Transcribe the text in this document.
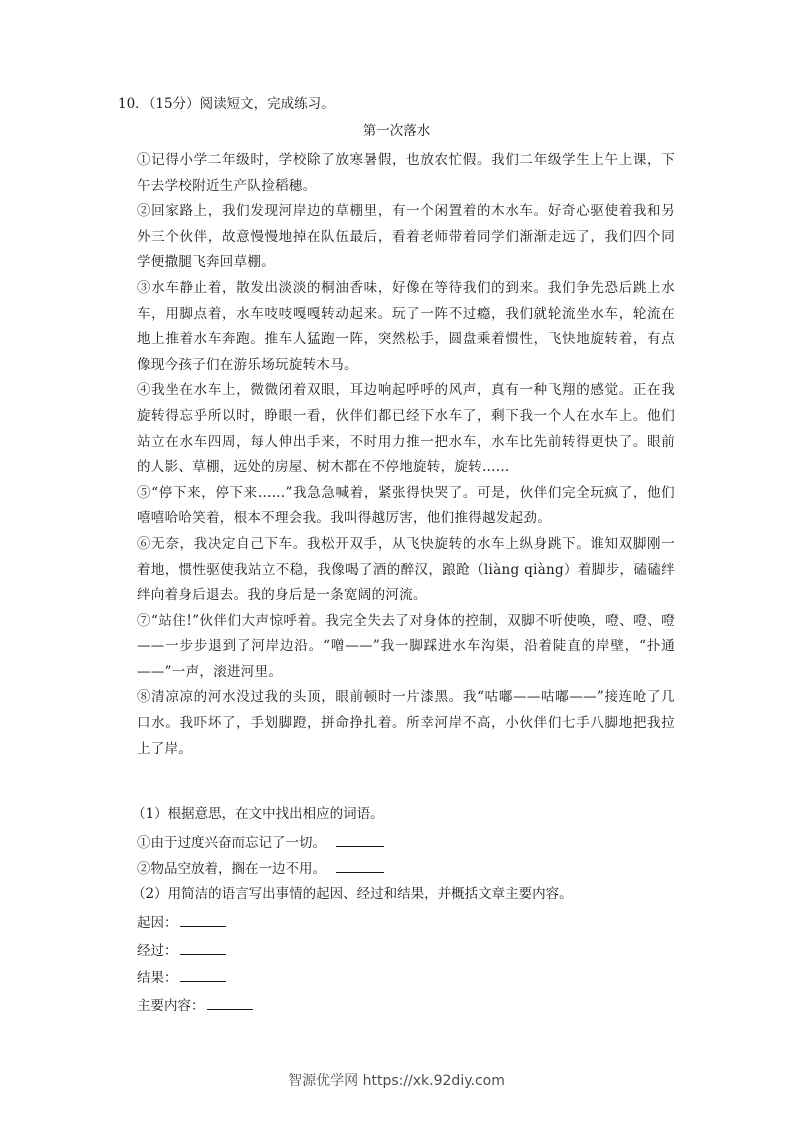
10．（15分）阅读短文，完成练习。
第一次落水

①记得小学二年级时，学校除了放寒暑假，也放农忙假。我们二年级学生上午上课，下午去学校附近生产队捡稻穗。

②回家路上，我们发现河岸边的草棚里，有一个闲置着的木水车。好奇心驱使着我和另外三个伙伴，故意慢慢地掉在队伍最后，看着老师带着同学们渐渐走远了，我们四个同学便撒腿飞奔回草棚。

③水车静止着，散发出淡淡的桐油香味，好像在等待我们的到来。我们争先恐后跳上水车，用脚点着，水车吱吱嘎嘎转动起来。玩了一阵不过瘾，我们就轮流坐水车，轮流在地上推着水车奔跑。推车人猛跑一阵，突然松手，圆盘乘着惯性，飞快地旋转着，有点像现今孩子们在游乐场玩旋转木马。

④我坐在水车上，微微闭着双眼，耳边响起呼呼的风声，真有一种飞翔的感觉。正在我旋转得忘乎所以时，睁眼一看，伙伴们都已经下水车了，剩下我一个人在水车上。他们站立在水车四周，每人伸出手来，不时用力推一把水车，水车比先前转得更快了。眼前的人影、草棚，远处的房屋、树木都在不停地旋转，旋转……

⑤“停下来，停下来……”我急急喊着，紧张得快哭了。可是，伙伴们完全玩疯了，他们嘻嘻哈哈笑着，根本不理会我。我叫得越厉害，他们推得越发起劲。

⑥无奈，我决定自己下车。我松开双手，从飞快旋转的水车上纵身跳下。谁知双脚刚一着地，惯性驱使我站立不稳，我像喝了酒的醉汉，踉跄（liàng qiàng）着脚步，磕磕绊绊向着身后退去。我的身后是一条宽阔的河流。

⑦“站住!”伙伴们大声惊呼着。我完全失去了对身体的控制，双脚不听使唤，噔、噔、噔——一步步退到了河岸边沿。“噌——”我一脚踩进水车沟渠，沿着陡直的岸壁，“扑通——”一声，滚进河里。

⑧清凉凉的河水没过我的头顶，眼前顿时一片漆黑。我“咕嘟——咕嘟——”接连呛了几口水。我吓坏了，手划脚蹬，拼命挣扎着。所幸河岸不高，小伙伴们七手八脚地把我拉上了岸。

（1）根据意思，在文中找出相应的词语。
①由于过度兴奋而忘记了一切。
②物品空放着，搁在一边不用。
（2）用简洁的语言写出事情的起因、经过和结果，并概括文章主要内容。
起因：
经过：
结果：
主要内容：
智源优学网 https://xk.92diy.com
